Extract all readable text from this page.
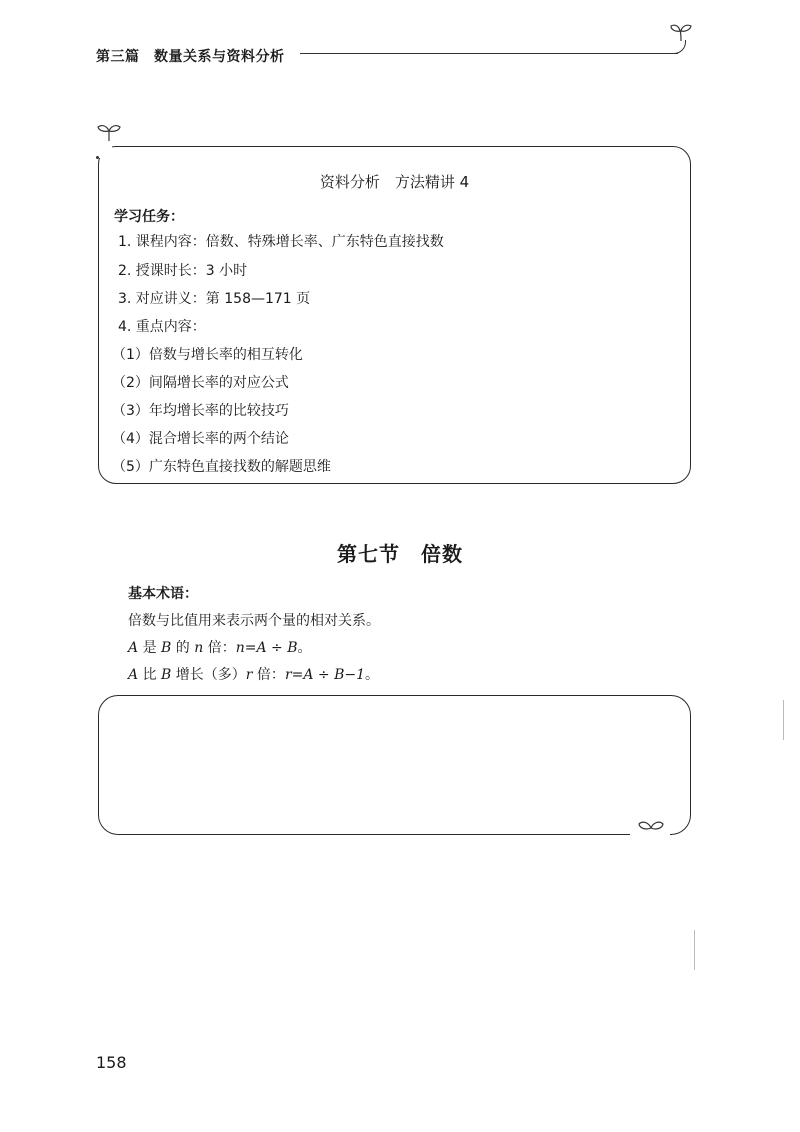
第三篇　数量关系与资料分析
资料分析　方法精讲 4
学习任务：
1. 课程内容：倍数、特殊增长率、广东特色直接找数
2. 授课时长：3 小时
3. 对应讲义：第 158—171 页
4. 重点内容：
（1）倍数与增长率的相互转化
（2）间隔增长率的对应公式
（3）年均增长率的比较技巧
（4）混合增长率的两个结论
（5）广东特色直接找数的解题思维
第七节　倍数
基本术语：
倍数与比值用来表示两个量的相对关系。
A 是 B 的 n 倍：n=A ÷ B。
A 比 B 增长（多）r 倍：r=A ÷ B−1。
158
